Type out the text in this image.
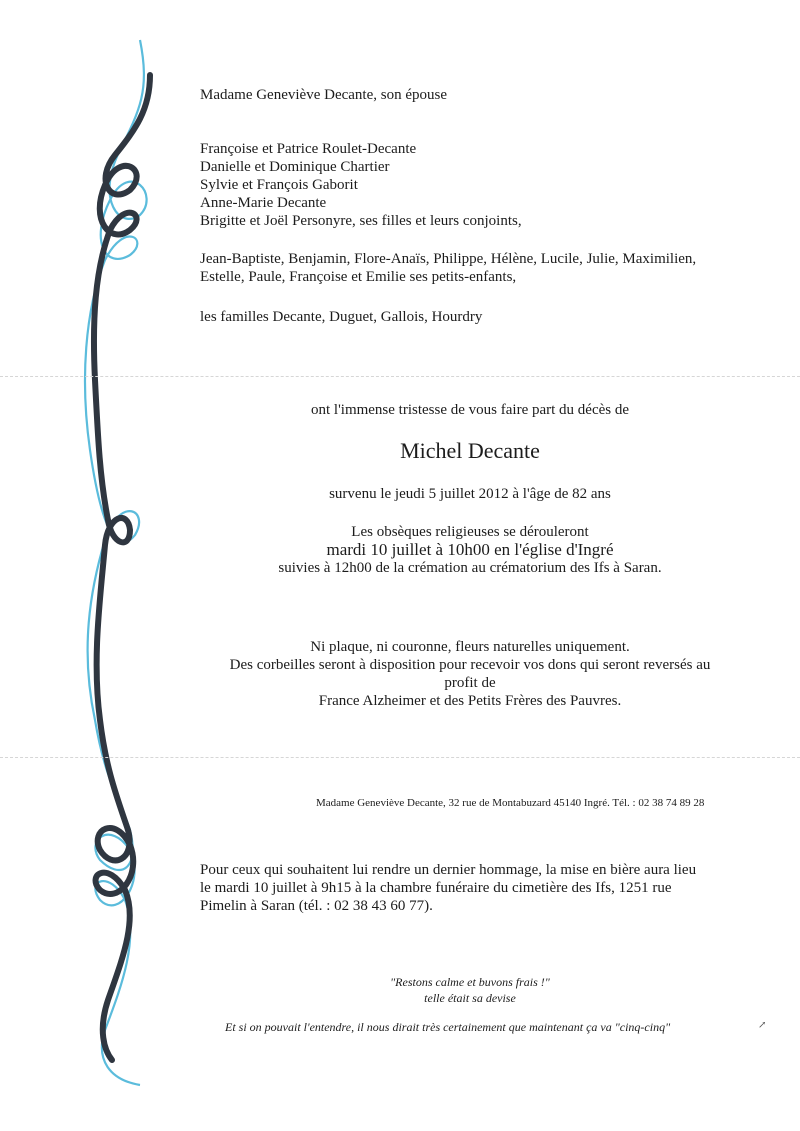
Madame Geneviève Decante, son épouse
Françoise et Patrice Roulet-Decante
Danielle et Dominique Chartier
Sylvie et François Gaborit
Anne-Marie Decante
Brigitte et Joël Personyre, ses filles et leurs conjoints,
Jean-Baptiste, Benjamin, Flore-Anaïs, Philippe, Hélène, Lucile, Julie, Maximilien,
Estelle, Paule, Françoise et Emilie ses petits-enfants,
les familles Decante, Duguet, Gallois, Hourdry
ont l'immense tristesse de vous faire part du décès de
Michel Decante
survenu le jeudi 5 juillet 2012 à l'âge de 82 ans
Les obsèques religieuses se dérouleront
mardi 10 juillet à 10h00 en l'église d'Ingré
suivies à 12h00 de la crémation au crématorium des Ifs à Saran.
Ni plaque, ni couronne, fleurs naturelles uniquement.
Des corbeilles seront à disposition pour recevoir vos dons qui seront reversés au
profit de
France Alzheimer et des Petits Frères des Pauvres.
Madame Geneviève Decante, 32 rue de Montabuzard 45140 Ingré. Tél. : 02 38 74 89 28
Pour ceux qui souhaitent lui rendre un dernier hommage, la mise en bière aura lieu
le mardi 10 juillet à 9h15 à la chambre funéraire du cimetière des Ifs, 1251 rue
Pimelin à Saran (tél. : 02 38 43 60 77).
"Restons calme et buvons frais !"
telle était sa devise
Et si on pouvait l'entendre, il nous dirait très certainement que maintenant ça va "cinq-cinq"	↗
